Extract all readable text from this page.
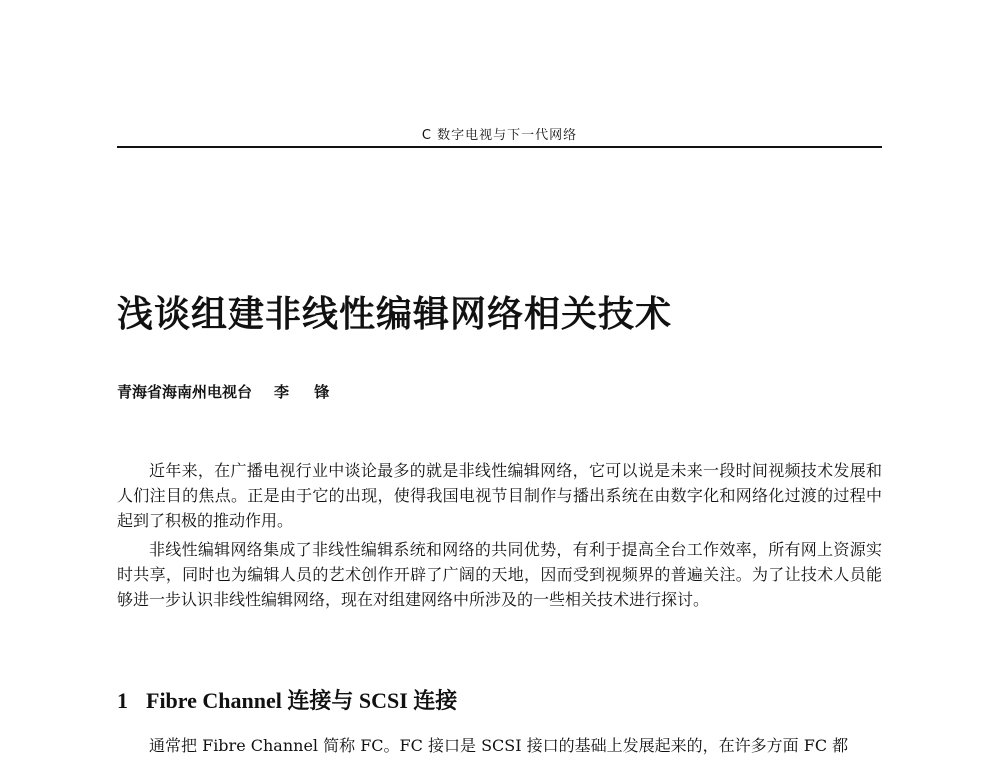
C 数字电视与下一代网络
浅谈组建非线性编辑网络相关技术
青海省海南州电视台 李 锋

近年来，在广播电视行业中谈论最多的就是非线性编辑网络，它可以说是未来一段时间视频技术发展和人们注目的焦点。正是由于它的出现，使得我国电视节目制作与播出系统在由数字化和网络化过渡的过程中起到了积极的推动作用。

非线性编辑网络集成了非线性编辑系统和网络的共同优势，有利于提高全台工作效率，所有网上资源实时共享，同时也为编辑人员的艺术创作开辟了广阔的天地，因而受到视频界的普遍关注。为了让技术人员能够进一步认识非线性编辑网络，现在对组建网络中所涉及的一些相关技术进行探讨。

1 Fibre Channel 连接与 SCSI 连接

通常把 Fibre Channel 简称 FC。FC 接口是 SCSI 接口的基础上发展起来的，在许多方面 FC 都
